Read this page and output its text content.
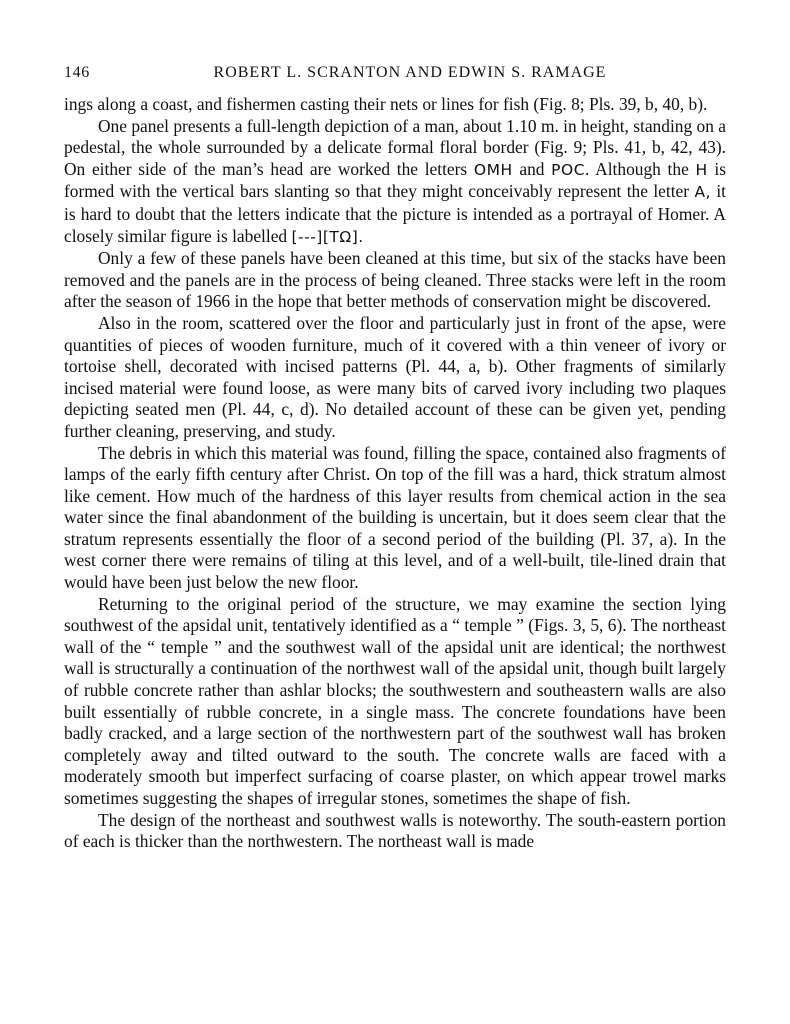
146	ROBERT L. SCRANTON AND EDWIN S. RAMAGE

ings along a coast, and fishermen casting their nets or lines for fish (Fig. 8; Pls. 39, b, 40, b).

One panel presents a full-length depiction of a man, about 1.10 m. in height, standing on a pedestal, the whole surrounded by a delicate formal floral border (Fig. 9; Pls. 41, b, 42, 43). On either side of the man’s head are worked the letters OMH and POC. Although the H is formed with the vertical bars slanting so that they might conceivably represent the letter A, it is hard to doubt that the letters indicate that the picture is intended as a portrayal of Homer. A closely similar figure is labelled [---][TΩ].

Only a few of these panels have been cleaned at this time, but six of the stacks have been removed and the panels are in the process of being cleaned. Three stacks were left in the room after the season of 1966 in the hope that better methods of conservation might be discovered.

Also in the room, scattered over the floor and particularly just in front of the apse, were quantities of pieces of wooden furniture, much of it covered with a thin veneer of ivory or tortoise shell, decorated with incised patterns (Pl. 44, a, b). Other fragments of similarly incised material were found loose, as were many bits of carved ivory including two plaques depicting seated men (Pl. 44, c, d). No detailed account of these can be given yet, pending further cleaning, preserving, and study.

The debris in which this material was found, filling the space, contained also fragments of lamps of the early fifth century after Christ. On top of the fill was a hard, thick stratum almost like cement. How much of the hardness of this layer results from chemical action in the sea water since the final abandonment of the building is uncertain, but it does seem clear that the stratum represents essentially the floor of a second period of the building (Pl. 37, a). In the west corner there were remains of tiling at this level, and of a well-built, tile-lined drain that would have been just below the new floor.

Returning to the original period of the structure, we may examine the section lying southwest of the apsidal unit, tentatively identified as a “ temple ” (Figs. 3, 5, 6). The northeast wall of the “ temple ” and the southwest wall of the apsidal unit are identical; the northwest wall is structurally a continuation of the northwest wall of the apsidal unit, though built largely of rubble concrete rather than ashlar blocks; the southwestern and southeastern walls are also built essentially of rubble concrete, in a single mass. The concrete foundations have been badly cracked, and a large section of the northwestern part of the southwest wall has broken completely away and tilted outward to the south. The concrete walls are faced with a moderately smooth but imperfect surfacing of coarse plaster, on which appear trowel marks sometimes suggesting the shapes of irregular stones, sometimes the shape of fish.

The design of the northeast and southwest walls is noteworthy. The south-eastern portion of each is thicker than the northwestern. The northeast wall is made
